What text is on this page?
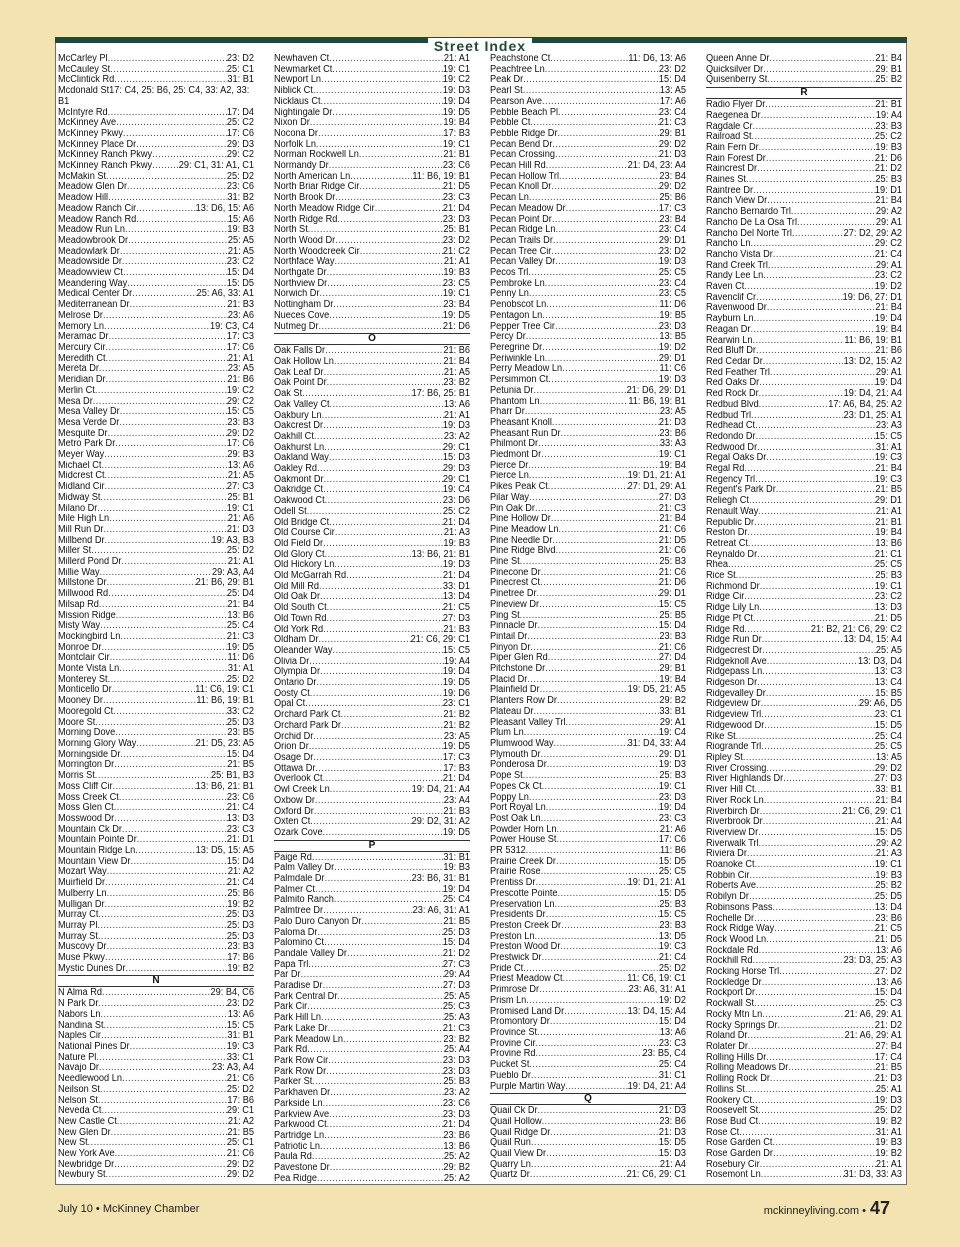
Street Index
McCarley Pl .....	23: D2
McCauley St .....	25: C1
McClintick Rd .....	31: B1
Mcdonald St17: C4, 25: B6, 25: C4, 33: A2, 33: B1
McIntyre Rd .....	17: D4
McKinney Ave .....	25: C2
McKinney Pkwy .....	17: C6
McKinney Place Dr .....	29: D3
McKinney Ranch Pkwy .....	29: C2
McKinney Ranch Pkwy .....	29: C1, 31: A1, C1
McMakin St .....	25: D2
Meadow Glen Dr .....	23: C6
Meadow Hill .....	31: B2
Meadow Ranch Cir .....	13: D6, 15: A6
Meadow Ranch Rd .....	15: A6
Meadow Run Ln .....	19: B3
Meadowbrook Dr .....	25: A5
Meadowlark Dr .....	21: A5
Meadowside Dr .....	23: C2
Meadowview Ct .....	15: D4
Meandering Way .....	15: D5
Medical Center Dr .....	25: A6, 33: A1
Mediterranean Dr .....	21: B3
Melrose Dr .....	23: A6
Memory Ln .....	19: C3, C4
Meramac Dr .....	17: C3
Mercury Cir .....	17: C6
Meredith Ct .....	21: A1
Mereta Dr .....	23: A5
Meridian Dr .....	21: B6
Merlin Ct .....	19: C2
Mesa Dr .....	29: C2
Mesa Valley Dr .....	15: C5
Mesa Verde Dr .....	23: B3
Mesquite Dr .....	29: D2
Metro Park Dr .....	17: C6
Meyer Way .....	29: B3
Michael Ct .....	13: A6
Midcrest Ct .....	21: A5
Midland Cir .....	27: C3
Midway St .....	25: B1
Milano Dr .....	19: C1
Mile High Ln .....	21: A6
Mill Run Dr .....	21: D3
Millbend Dr .....	19: A3, B3
Miller St .....	25: D2
Millerd Pond Dr .....	21: A1
Millie Way .....	29: A3, A4
Millstone Dr .....	21: B6, 29: B1
Millwood Rd .....	25: D4
Milsap Rd .....	21: B4
Mission Ridge .....	13: B6
Misty Way .....	25: C4
Mockingbird Ln .....	21: C3
Monroe Dr .....	19: D5
Montclair Cir .....	11: D6
Monte Vista Ln .....	31: A1
Monterey St .....	25: D2
Monticello Dr .....	11: C6, 19: C1
Mooney Dr .....	11: B6, 19: B1
Mooregold Ct .....	33: C2
Moore St .....	25: D3
Morning Dove .....	23: B5
Morning Glory Way .....	21: D5, 23: A5
Morningside Dr .....	15: D4
Morrington Dr .....	21: B5
Morris St .....	25: B1, B3
Moss Cliff Cir .....	13: B6, 21: B1
Moss Creek Ct .....	23: C6
Moss Glen Ct .....	21: C4
Mosswood Dr .....	13: D3
Mountain Ck Dr .....	23: C3
Mountain Pointe Dr .....	21: D1
Mountain Ridge Ln .....	13: D5, 15: A5
Mountain View Dr .....	15: D4
Mozart Way .....	21: A2
Muirfield Dr .....	21: C4
Mulberry Ln .....	25: B6
Mulligan Dr .....	19: B2
Murray Ct .....	25: D3
Murray Pl .....	25: D3
Murray St .....	25: D3
Muscovy Dr .....	23: B3
Muse Pkwy .....	17: B6
Mystic Dunes Dr .....	19: B2
N
N Alma Rd .....	29: B4, C6
N Park Dr .....	23: D2
Nabors Ln .....	13: A6
Nandina St .....	15: C5
Naples Cir .....	31: B1
National Pines Dr .....	19: C3
Nature Pl .....	33: C1
Navajo Dr .....	23: A3, A4
Needlewood Ln .....	21: C6
Neilson St .....	25: D2
Nelson St .....	17: B6
Neveda Ct .....	29: C1
New Castle Ct .....	21: A2
New Glen Dr .....	21: B5
New St .....	25: C1
New York Ave .....	21: C6
Newbridge Dr .....	29: D2
Newbury St .....	29: D2
Newhaven Ct .....	21: A1
Newmarket Ct .....	19: C1
Newport Ln .....	19: C2
Niblick Ct .....	19: D3
Nicklaus Ct .....	19: D4
Nightingale Dr .....	19: D5
Nixon Dr .....	19: B4
Nocona Dr .....	17: B3
Norfolk Ln .....	19: C1
Norman Rockwell Ln .....	21: B1
Normandy Dr .....	23: C6
North American Ln .....	11: B6, 19: B1
North Briar Ridge Cir .....	21: D5
North Brook Dr .....	23: C3
North Meadow Ridge Cir .....	21: D4
North Ridge Rd .....	23: D3
North St .....	25: B1
North Wood Dr .....	23: D2
North Woodcreek Cir .....	21: C2
Northface Way .....	21: A1
Northgate Dr .....	19: B3
Northview Dr .....	23: C5
Norwich Dr .....	19: C1
Nottingham Dr .....	23: B4
Nueces Cove .....	19: D5
Nutmeg Dr .....	21: D6
O
Oak Falls Dr .....	21: B6
Oak Hollow Ln .....	21: B4
Oak Leaf Dr .....	21: A5
Oak Point Dr .....	23: B2
Oak St .....	17: B6, 25: B1
Oak Valley Ct .....	13: A6
Oakbury Ln .....	21: A1
Oakcrest Dr .....	19: D3
Oakhill Ct .....	23: A2
Oakhurst Ln .....	29: C1
Oakland Way .....	15: D3
Oakley Rd .....	29: D3
Oakmont Dr .....	29: C1
Oakridge Ct .....	19: C4
Oakwood Ct .....	23: D6
Odell St .....	25: C2
Old Bridge Ct .....	21: D4
Old Course Cir .....	21: A3
Old Field Dr .....	19: B3
Old Glory Ct .....	13: B6, 21: B1
Old Hickory Ln .....	19: D3
Old McGarrah Rd .....	21: D4
Old Mill Rd .....	33: D1
Old Oak Dr .....	13: D4
Old South Ct .....	21: C5
Old Town Rd .....	27: D3
Old York Rd .....	21: B3
Oldham Dr .....	21: C6, 29: C1
Oleander Way .....	15: C5
Olivia Dr .....	19: A4
Olympia Dr .....	19: D4
Ontario Dr .....	19: D5
Oosty Ct .....	19: D6
Opal Ct .....	23: C1
Orchard Park Ct .....	21: B2
Orchard Park Dr .....	21: B2
Orchid Dr .....	23: A5
Orion Dr .....	19: D5
Osage Dr .....	17: C3
Ottawa Dr .....	17: B3
Overlook Ct .....	21: D4
Owl Creek Ln .....	19: D4, 21: A4
Oxbow Dr .....	23: A4
Oxford Dr .....	21: B3
Oxten Ct .....	29: D2, 31: A2
Ozark Cove .....	19: D5
P
Paige Rd .....	31: B1
Palm Valley Dr .....	19: B3
Palmdale Dr .....	23: B6, 31: B1
Palmer Ct .....	19: D4
Palmito Ranch .....	25: C4
Palmtree Dr .....	23: A6, 31: A1
Palo Duro Canyon Dr .....	21: B5
Paloma Dr .....	25: D3
Palomino Ct .....	15: D4
Pandale Valley Dr .....	21: D2
Papa Trl .....	27: C3
Par Dr .....	29: A4
Paradise Dr .....	27: D3
Park Central Dr .....	25: A5
Park Cir .....	25: C3
Park Hill Ln .....	25: A3
Park Lake Dr .....	21: C3
Park Meadow Ln .....	23: B2
Park Rd .....	25: A4
Park Row Cir .....	23: D3
Park Row Dr .....	23: D3
Parker St .....	25: B3
Parkhaven Dr .....	23: A2
Parkside Ln .....	23: C6
Parkview Ave .....	23: D3
Parkwood Ct .....	21: D4
Partridge Ln .....	23: B6
Patriotic Ln .....	13: B6
Paula Rd .....	25: A2
Pavestone Dr .....	29: B2
Pea Ridge .....	25: A2
Peachstone Ct .....	11: D6, 13: A6
Peachtree Ln .....	23: D2
Peak Dr .....	15: D4
Pearl St .....	13: A5
Pearson Ave .....	17: A6
Pebble Beach Pl .....	23: C4
Pebble Ct .....	21: C3
Pebble Ridge Dr .....	29: B1
Pecan Bend Dr .....	29: D2
Pecan Crossing .....	21: D3
Pecan Hill Rd .....	21: D4, 23: A4
Pecan Hollow Trl .....	23: B4
Pecan Knoll Dr .....	29: D2
Pecan Ln .....	25: B6
Pecan Meadow Dr .....	17: C3
Pecan Point Dr .....	23: B4
Pecan Ridge Ln .....	23: C4
Pecan Trails Dr .....	29: D1
Pecan Tree Cir .....	23: D2
Pecan Valley Dr .....	19: D3
Pecos Trl .....	25: C5
Pembroke Ln .....	23: C4
Penny Ln .....	23: C5
Penobscot Ln .....	11: D6
Pentagon Ln .....	19: B5
Pepper Tree Cir .....	23: D3
Percy Dr .....	13: B5
Peregrine Dr .....	19: D2
Periwinkle Ln .....	29: D1
Perry Meadow Ln .....	11: C6
Persimmon Ct .....	19: D3
Petunia Dr .....	21: D6, 29: D1
Phantom Ln .....	11: B6, 19: B1
Pharr Dr .....	23: A5
Pheasant Knoll .....	21: D3
Pheasant Run Dr .....	23: B6
Philmont Dr .....	33: A3
Piedmont Dr .....	19: C1
Pierce Dr .....	19: B4
Pierce Ln .....	19: D1, 21: A1
Pikes Peak Ct .....	27: D1, 29: A1
Pilar Way .....	27: D3
Pin Oak Dr .....	21: C3
Pine Hollow Dr .....	21: B4
Pine Meadow Ln .....	21: C6
Pine Needle Dr .....	21: D5
Pine Ridge Blvd .....	21: C6
Pine St .....	25: B3
Pinecone Dr .....	21: C6
Pinecrest Ct .....	21: D6
Pinetree Dr .....	29: D1
Pineview Dr .....	15: C5
Ping St .....	25: B5
Pinnacle Dr .....	15: D4
Pintail Dr .....	23: B3
Pinyon Dr .....	21: C6
Piper Glen Rd .....	27: D4
Pitchstone Dr .....	29: B1
Placid Dr .....	19: B4
Plainfield Dr .....	19: D5, 21: A5
Planters Row Dr .....	29: B2
Plateau Dr .....	33: B1
Pleasant Valley Trl .....	29: A1
Plum Ln .....	19: C4
Plumwood Way .....	31: D4, 33: A4
Plymouth Dr .....	29: D1
Ponderosa Dr .....	19: D3
Pope St .....	25: B3
Popes Ck Ct .....	19: C1
Poppy Ln .....	23: D3
Port Royal Ln .....	19: D4
Post Oak Ln .....	23: C3
Powder Horn Ln .....	21: A6
Power House St .....	17: C6
PR 5312 .....	11: B6
Prairie Creek Dr .....	15: D5
Prairie Rose .....	25: C5
Prentiss Dr .....	19: D1, 21: A1
Prescotte Pointe .....	15: D5
Preservation Ln .....	25: B3
Presidents Dr .....	15: C5
Preston Creek Dr .....	23: B3
Preston Ln .....	13: D5
Preston Wood Dr .....	19: C3
Prestwick Dr .....	21: C4
Pride Ct .....	25: D2
Priest Meadow Ct .....	11: C6, 19: C1
Primrose Dr .....	23: A6, 31: A1
Prism Ln .....	19: D2
Promised Land Dr .....	13: D4, 15: A4
Promontory Dr .....	15: D4
Province St .....	13: A6
Provine Cir .....	23: C3
Provine Rd .....	23: B5, C4
Pucket St .....	25: C4
Pueblo Dr .....	31: C1
Purple Martin Way .....	19: D4, 21: A4
Q
Quail Ck Dr .....	21: D3
Quail Hollow .....	23: B6
Quail Ridge Dr .....	21: D3
Quail Run .....	15: D5
Quail View Dr .....	15: D3
Quarry Ln .....	21: A4
Quartz Dr .....	21: C6, 29: C1
Queen Anne Dr .....	21: B4
Quicksilver Dr .....	29: B1
Quisenberry St .....	25: B2
R
Radio Flyer Dr .....	21: B1
Raegenea Dr .....	19: A4
Ragdale Cr .....	23: B3
Railroad St .....	25: C2
Rain Fern Dr .....	19: B3
Rain Forest Dr .....	21: D6
Raincrest Dr .....	21: D2
Raines St .....	25: B3
Raintree Dr .....	19: D1
Ranch View Dr .....	21: B4
Rancho Bernardo Trl .....	29: A2
Rancho De La Osa Trl .....	29: A1
Rancho Del Norte Trl .....	27: D2, 29: A2
Rancho Ln .....	29: C2
Rancho Vista Dr .....	21: C4
Rand Creek Trl .....	29: A1
Randy Lee Ln .....	23: C2
Raven Ct .....	19: D2
Ravenclif Cr .....	19: D6, 27: D1
Ravenwood Dr .....	21: B4
Rayburn Ln .....	19: D4
Reagan Dr .....	19: B4
Rearwin Ln .....	11: B6, 19: B1
Red Bluff Dr .....	21: B6
Red Cedar Dr .....	13: D2, 15: A2
Red Feather Trl .....	29: A1
Red Oaks Dr .....	19: D4
Red Rock Dr .....	19: D4, 21: A4
Redbud Blvd .....	17: A6, B4, 25: A2
Redbud Trl .....	23: D1, 25: A1
Redhead Ct .....	23: A3
Redondo Dr .....	15: C5
Redwood Dr .....	31: A1
Regal Oaks Dr .....	19: C3
Regal Rd .....	21: B4
Regency Trl .....	19: C3
Regent's Park Dr .....	21: B5
Reliegh Ct .....	29: D1
Renault Way .....	21: A1
Republic Dr .....	21: B1
Reston Dr .....	19: B4
Retreat Ct .....	13: B6
Reynaldo Dr .....	21: C1
Rhea .....	25: C5
Rice St .....	25: B3
Richmond Dr .....	19: C1
Ridge Cir .....	23: C2
Ridge Lily Ln .....	13: D3
Ridge Pt Ct .....	21: D5
Ridge Rd .....	21: B2, 21: C6, 29: C2
Ridge Run Dr .....	13: D4, 15: A4
Ridgecrest Dr .....	25: A5
Ridgeknoll Ave .....	13: D3, D4
Ridgepass Ln .....	13: C3
Ridgeson Dr .....	13: C4
Ridgevalley Dr .....	15: B5
Ridgeview Dr .....	29: A6, D5
Ridgeview Trl .....	23: C1
Ridgewood Dr .....	15: D5
Rike St .....	25: C4
Riogrande Trl .....	25: C5
Ripley St .....	13: A5
River Crossing .....	29: D2
River Highlands Dr .....	27: D3
River Hill Ct .....	33: B1
River Rock Ln .....	21: B4
Riverbirch Dr .....	21: C6, 29: C1
Riverbrook Dr .....	21: A4
Riverview Dr .....	15: D5
Riverwalk Trl .....	29: A2
Riviera Dr .....	21: A3
Roanoke Ct .....	19: C1
Robbin Cir .....	19: B3
Roberts Ave .....	25: B2
Robilyn Dr .....	25: D5
Robinsons Pass .....	13: D4
Rochelle Dr .....	23: B6
Rock Ridge Way .....	21: C5
Rock Wood Ln .....	21: D5
Rockdale Rd .....	13: A6
Rockhill Rd .....	23: D3, 25: A3
Rocking Horse Trl .....	27: D2
Rockledge Dr .....	13: A6
Rockport Dr .....	15: D4
Rockwall St .....	25: C3
Rocky Mtn Ln .....	21: A6, 29: A1
Rocky Springs Dr .....	21: D2
Roland Dr .....	21: A6, 29: A1
Rolater Dr .....	27: B4
Rolling Hills Dr .....	17: C4
Rolling Meadows Dr .....	21: B5
Rolling Rock Dr .....	21: D3
Rollins St .....	25: A1
Rookery Ct .....	19: D3
Roosevelt St .....	25: D2
Rose Bud Ct .....	19: B2
Rose Ct .....	31: A1
Rose Garden Ct .....	19: B3
Rose Garden Dr .....	19: B2
Rosebury Cir .....	21: A1
Rosemont Ln .....	31: D3, 33: A3
July 10 • McKinney Chamber	mckinneyliving.com • 47
